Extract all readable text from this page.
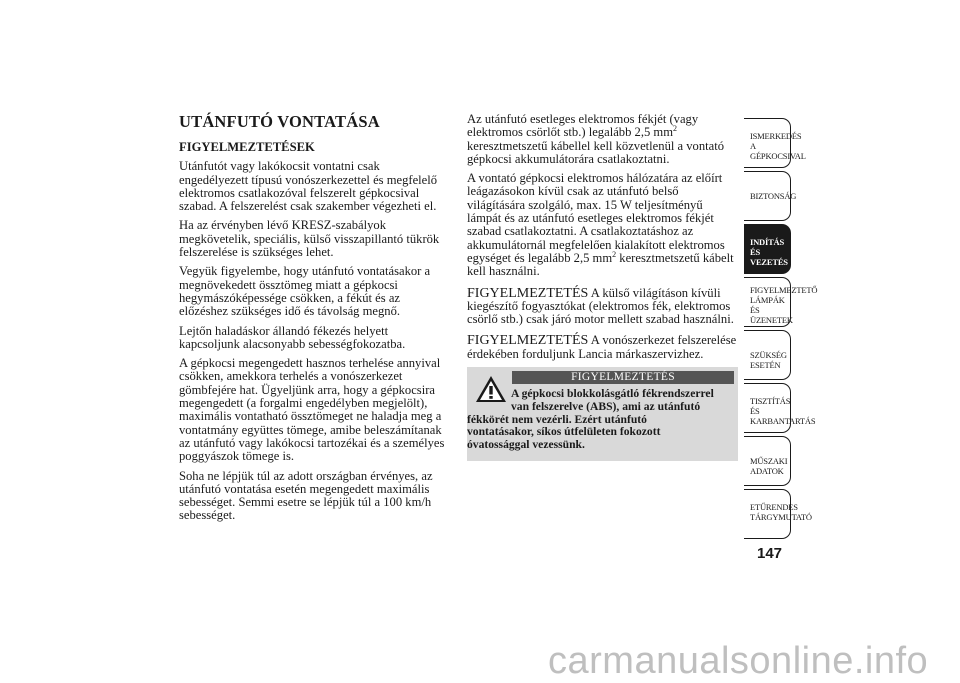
UTÁNFUTÓ VONTATÁSA
FIGYELMEZTETÉSEK

Utánfutót vagy lakókocsit vontatni csak engedélyezett típusú vonószerkezettel és megfelelő elektromos csatlakozóval felszerelt gépkocsival szabad. A felszerelést csak szakember végezheti el.

Ha az érvényben lévő KRESZ-szabályok megkövetelik, speciális, külső visszapillantó tükrök felszerelése is szükséges lehet.

Vegyük figyelembe, hogy utánfutó vontatásakor a megnövekedett össztömeg miatt a gépkocsi hegymászóképessége csökken, a fékút és az előzéshez szükséges idő és távolság megnő.

Lejtőn haladáskor állandó fékezés helyett kapcsoljunk alacsonyabb sebességfokozatba.

A gépkocsi megengedett hasznos terhelése annyival csökken, amekkora terhelés a vonószerkezet gömbfejére hat. Ügyeljünk arra, hogy a gépkocsira megengedett (a forgalmi engedélyben megjelölt), maximális vontatható össztömeget ne haladja meg a vontatmány együttes tömege, amibe beleszámítanak az utánfutó vagy lakókocsi tartozékai és a személyes poggyászok tömege is.

Soha ne lépjük túl az adott országban érvényes, az utánfutó vontatása esetén megengedett maximális sebességet. Semmi esetre se lépjük túl a 100 km/h sebességet.

Az utánfutó esetleges elektromos fékjét (vagy elektromos csörlőt stb.) legalább 2,5 $mm^2$ keresztmetszetű kábellel kell közvetlenül a vontató gépkocsi akkumulátorára csatlakoztatni.

A vontató gépkocsi elektromos hálózatára az előírt leágazásokon kívül csak az utánfutó belső világítására szolgáló, max. 15 W teljesítményű lámpát és az utánfutó esetleges elektromos fékjét szabad csatlakoztatni. A csatlakoztatáshoz az akkumulátornál megfelelően kialakított elektromos egységet és legalább 2,5 $mm^2$ keresztmetszetű kábelt kell használni.

FIGYELMEZTETÉS A külső világításon kívüli kiegészítő fogyasztókat (elektromos fék, elektromos csörlő stb.) csak járó motor mellett szabad használni.

FIGYELMEZTETÉS A vonószerkezet felszerelése érdekében forduljunk Lancia márkaszervizhez.

FIGYELMEZTETÉS
A gépkocsi blokkolásgátló fékrendszerrel
van felszerelve (ABS), ami az utánfutó
fékkörét nem vezérli. Ezért utánfutó
vontatásakor, síkos útfelületen fokozott
óvatossággal vezessünk.
ISMERKEDÉS A
GÉPKOCSIVAL
BIZTONSÁG
INDÍTÁS ÉS
VEZETÉS
FIGYELMEZTETŐ
LÁMPÁK ÉS
ÜZENETEK
SZÜKSÉG ESETÉN
TISZTÍTÁS ÉS
KARBANTARTÁS
MŰSZAKI ADATOK
ETŰRENDES
TÁRGYMUTATÓ
147
carmanualsonline.info
